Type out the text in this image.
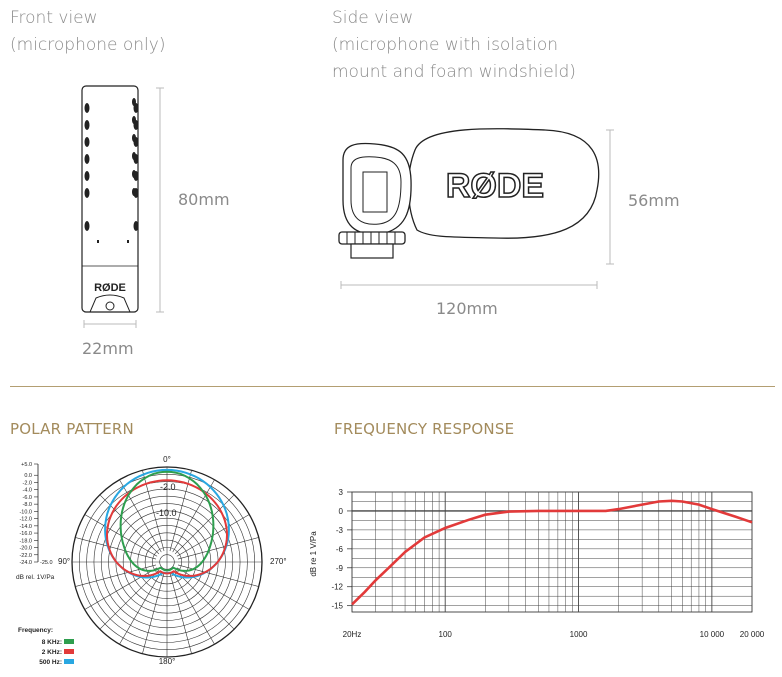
Front view
(microphone only)
RØDE
80mm
22mm
Side view
(microphone with isolation
mount and foam windshield)
RØDE	56mm
120mm
POLAR PATTERN
+5.0
0.0
-2.0
-4.0
-6.0
-8.0
-10.0
-12.0
-14.0
-16.0
-18.0
-20.0
-22.0
-24.0 -25.0
0°
270°
180°
90°
-2.0
-10.0
dB rel. 1V/Pa
Frequency:
8 KHz:
2 KHz:
500 Hz:
FREQUENCY RESPONSE
3
0
-3
-6
-9
-12
-15
20Hz	100	1000	10 000 20 000
dB re 1 V/Pa
